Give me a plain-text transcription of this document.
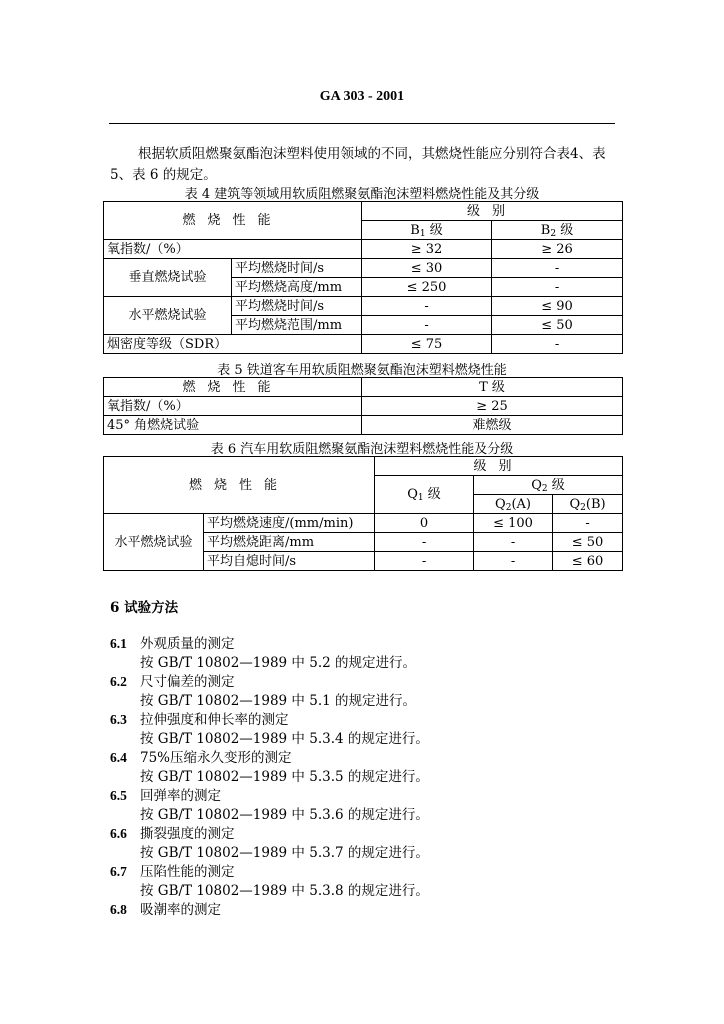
GA 303 - 2001
根据软质阻燃聚氨酯泡沫塑料使用领域的不同，其燃烧性能应分别符合表4、表 5、表 6 的规定。
表 4 建筑等领域用软质阻燃聚氨酯泡沫塑料燃烧性能及其分级
燃烧性能		级别	
		$B_1$ 级	$B_2$ 级
氧指数/（%）		≥ 32	≥ 26
垂直燃烧试验	平均燃烧时间/s	≤ 30	-
	平均燃烧高度/mm	≤ 250	-
水平燃烧试验	平均燃烧时间/s	-	≤ 90
	平均燃烧范围/mm	-	≤ 50
烟密度等级（SDR）		≤ 75	-
表 5 铁道客车用软质阻燃聚氨酯泡沫塑料燃烧性能
燃烧性能	T 级
氧指数/（%）	≥ 25
45° 角燃烧试验	难燃级
表 6 汽车用软质阻燃聚氨酯泡沫塑料燃烧性能及分级
燃烧性能		级别		
		$Q_1$ 级	$Q_2$ 级	
			$Q_2(A)$	$Q_2(B)$
水平燃烧试验	平均燃烧速度/(mm/min)	0	≤ 100	-
	平均燃烧距离/mm	-	-	≤ 50
	平均自熄时间/s	-	-	≤ 60
6 试验方法
6.1 外观质量的测定
按 GB/T 10802—1989 中 5.2 的规定进行。
6.2 尺寸偏差的测定
按 GB/T 10802—1989 中 5.1 的规定进行。
6.3 拉伸强度和伸长率的测定
按 GB/T 10802—1989 中 5.3.4 的规定进行。
6.4 75%压缩永久变形的测定
按 GB/T 10802—1989 中 5.3.5 的规定进行。
6.5 回弹率的测定
按 GB/T 10802—1989 中 5.3.6 的规定进行。
6.6 撕裂强度的测定
按 GB/T 10802—1989 中 5.3.7 的规定进行。
6.7 压陷性能的测定
按 GB/T 10802—1989 中 5.3.8 的规定进行。
6.8 吸潮率的测定
